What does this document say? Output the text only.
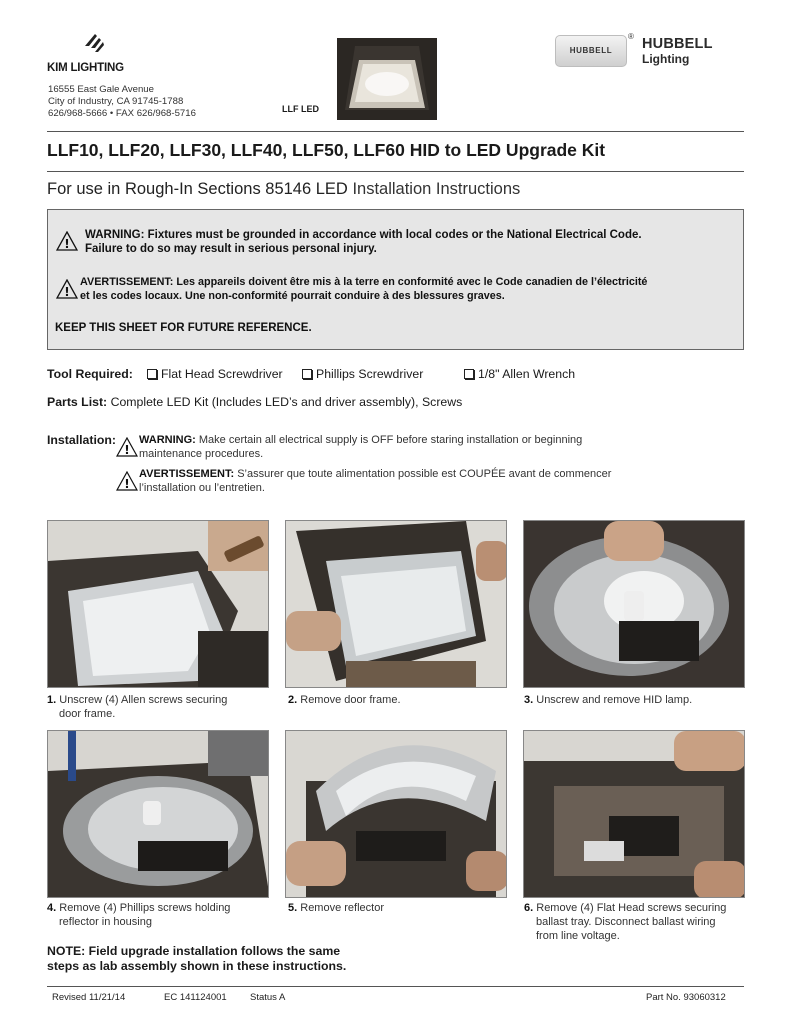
KIM LIGHTING
16555 East Gale Avenue
City of Industry, CA 91745-1788
626/968-5666 • FAX 626/968-5716	LLF LED
HUBBELL
® HUBBELL
Lighting
LLF10, LLF20, LLF30, LLF40, LLF50, LLF60 HID to LED Upgrade Kit
For use in Rough-In Sections 85146 LED Installation Instructions
!
WARNING: Fixtures must be grounded in accordance with local codes or the National Electrical Code.
Failure to do so may result in serious personal injury.
!
AVERTISSEMENT: Les appareils doivent être mis à la terre en conformité avec le Code canadien de l’électricité
et les codes locaux. Une non-conformité pourrait conduire à des blessures graves.
KEEP THIS SHEET FOR FUTURE REFERENCE.
Tool Required:	Flat Head Screwdriver	Phillips Screwdriver	1/8" Allen Wrench
Parts List: Complete LED Kit (Includes LED’s and driver assembly), Screws
Installation:
!
WARNING: Make certain all electrical supply is OFF before staring installation or beginning
maintenance procedures.
!
AVERTISSEMENT: S’assurer que toute alimentation possible est COUPÉE avant de commencer
l’installation ou l’entretien.
1. Unscrew (4) Allen screws securing
door frame.
2. Remove door frame.	3. Unscrew and remove HID lamp.
4. Remove (4) Phillips screws holding
reflector in housing
5. Remove reflector	6. Remove (4) Flat Head screws securing
ballast tray. Disconnect ballast wiring
from line voltage.
NOTE: Field upgrade installation follows the same
steps as lab assembly shown in these instructions.
Revised 11/21/14	EC 141124001 Status A	Part No. 93060312
